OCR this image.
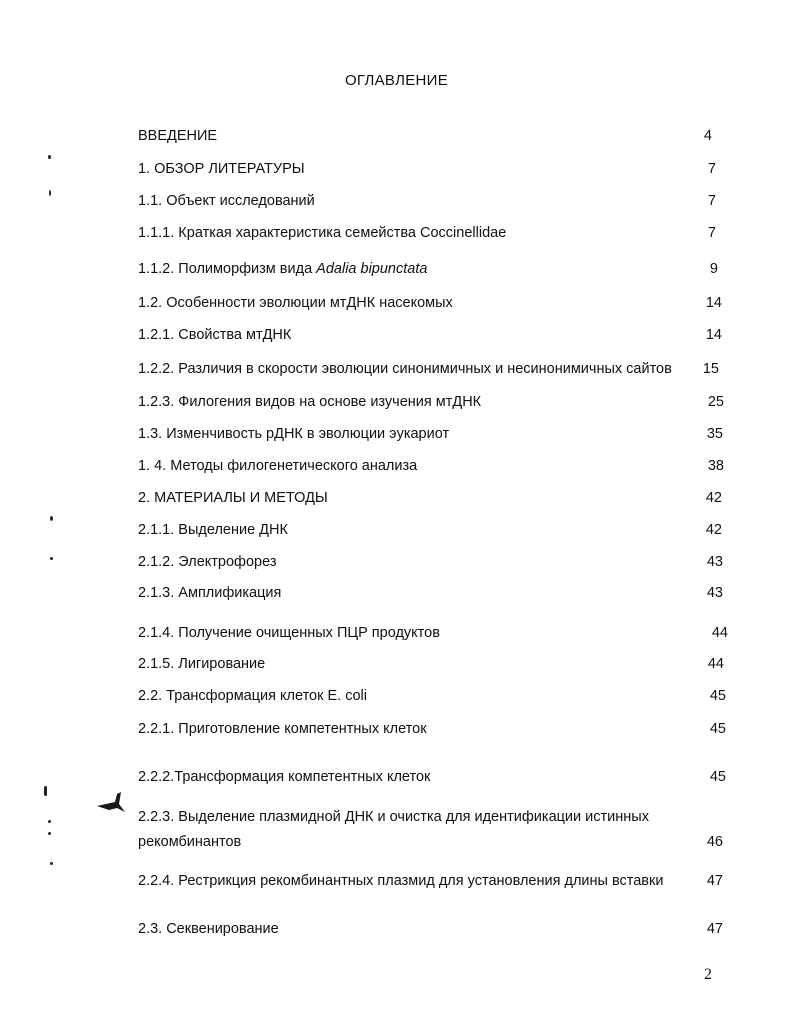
ОГЛАВЛЕНИЕ
ВВЕДЕНИЕ	4
1. ОБЗОР ЛИТЕРАТУРЫ	7
1.1. Объект исследований	7
1.1.1. Краткая характеристика семейства Coccinellidae	7
1.1.2. Полиморфизм вида Adalia bipunctata	9
1.2. Особенности эволюции мтДНК насекомых	14
1.2.1. Свойства мтДНК	14
1.2.2. Различия в скорости эволюции синонимичных и несинонимичных сайтов	15
1.2.3. Филогения видов на основе изучения мтДНК	25
1.3. Изменчивость рДНК в эволюции эукариот	35
1. 4. Методы филогенетического анализа	38
2. МАТЕРИАЛЫ И МЕТОДЫ	42
2.1.1. Выделение ДНК	42
2.1.2. Электрофорез	43
2.1.3. Амплификация	43
2.1.4. Получение очищенных ПЦР продуктов	44
2.1.5. Лигирование	44
2.2. Трансформация клеток E. coli	45
2.2.1. Приготовление компетентных клеток	45
2.2.2.Трансформация компетентных клеток	45
2.2.3. Выделение плазмидной ДНК и очистка для идентификации истинных рекомбинантов	46
2.2.4. Рестрикция рекомбинантных плазмид для установления длины вставки	47
2.3. Секвенирование	47
2
